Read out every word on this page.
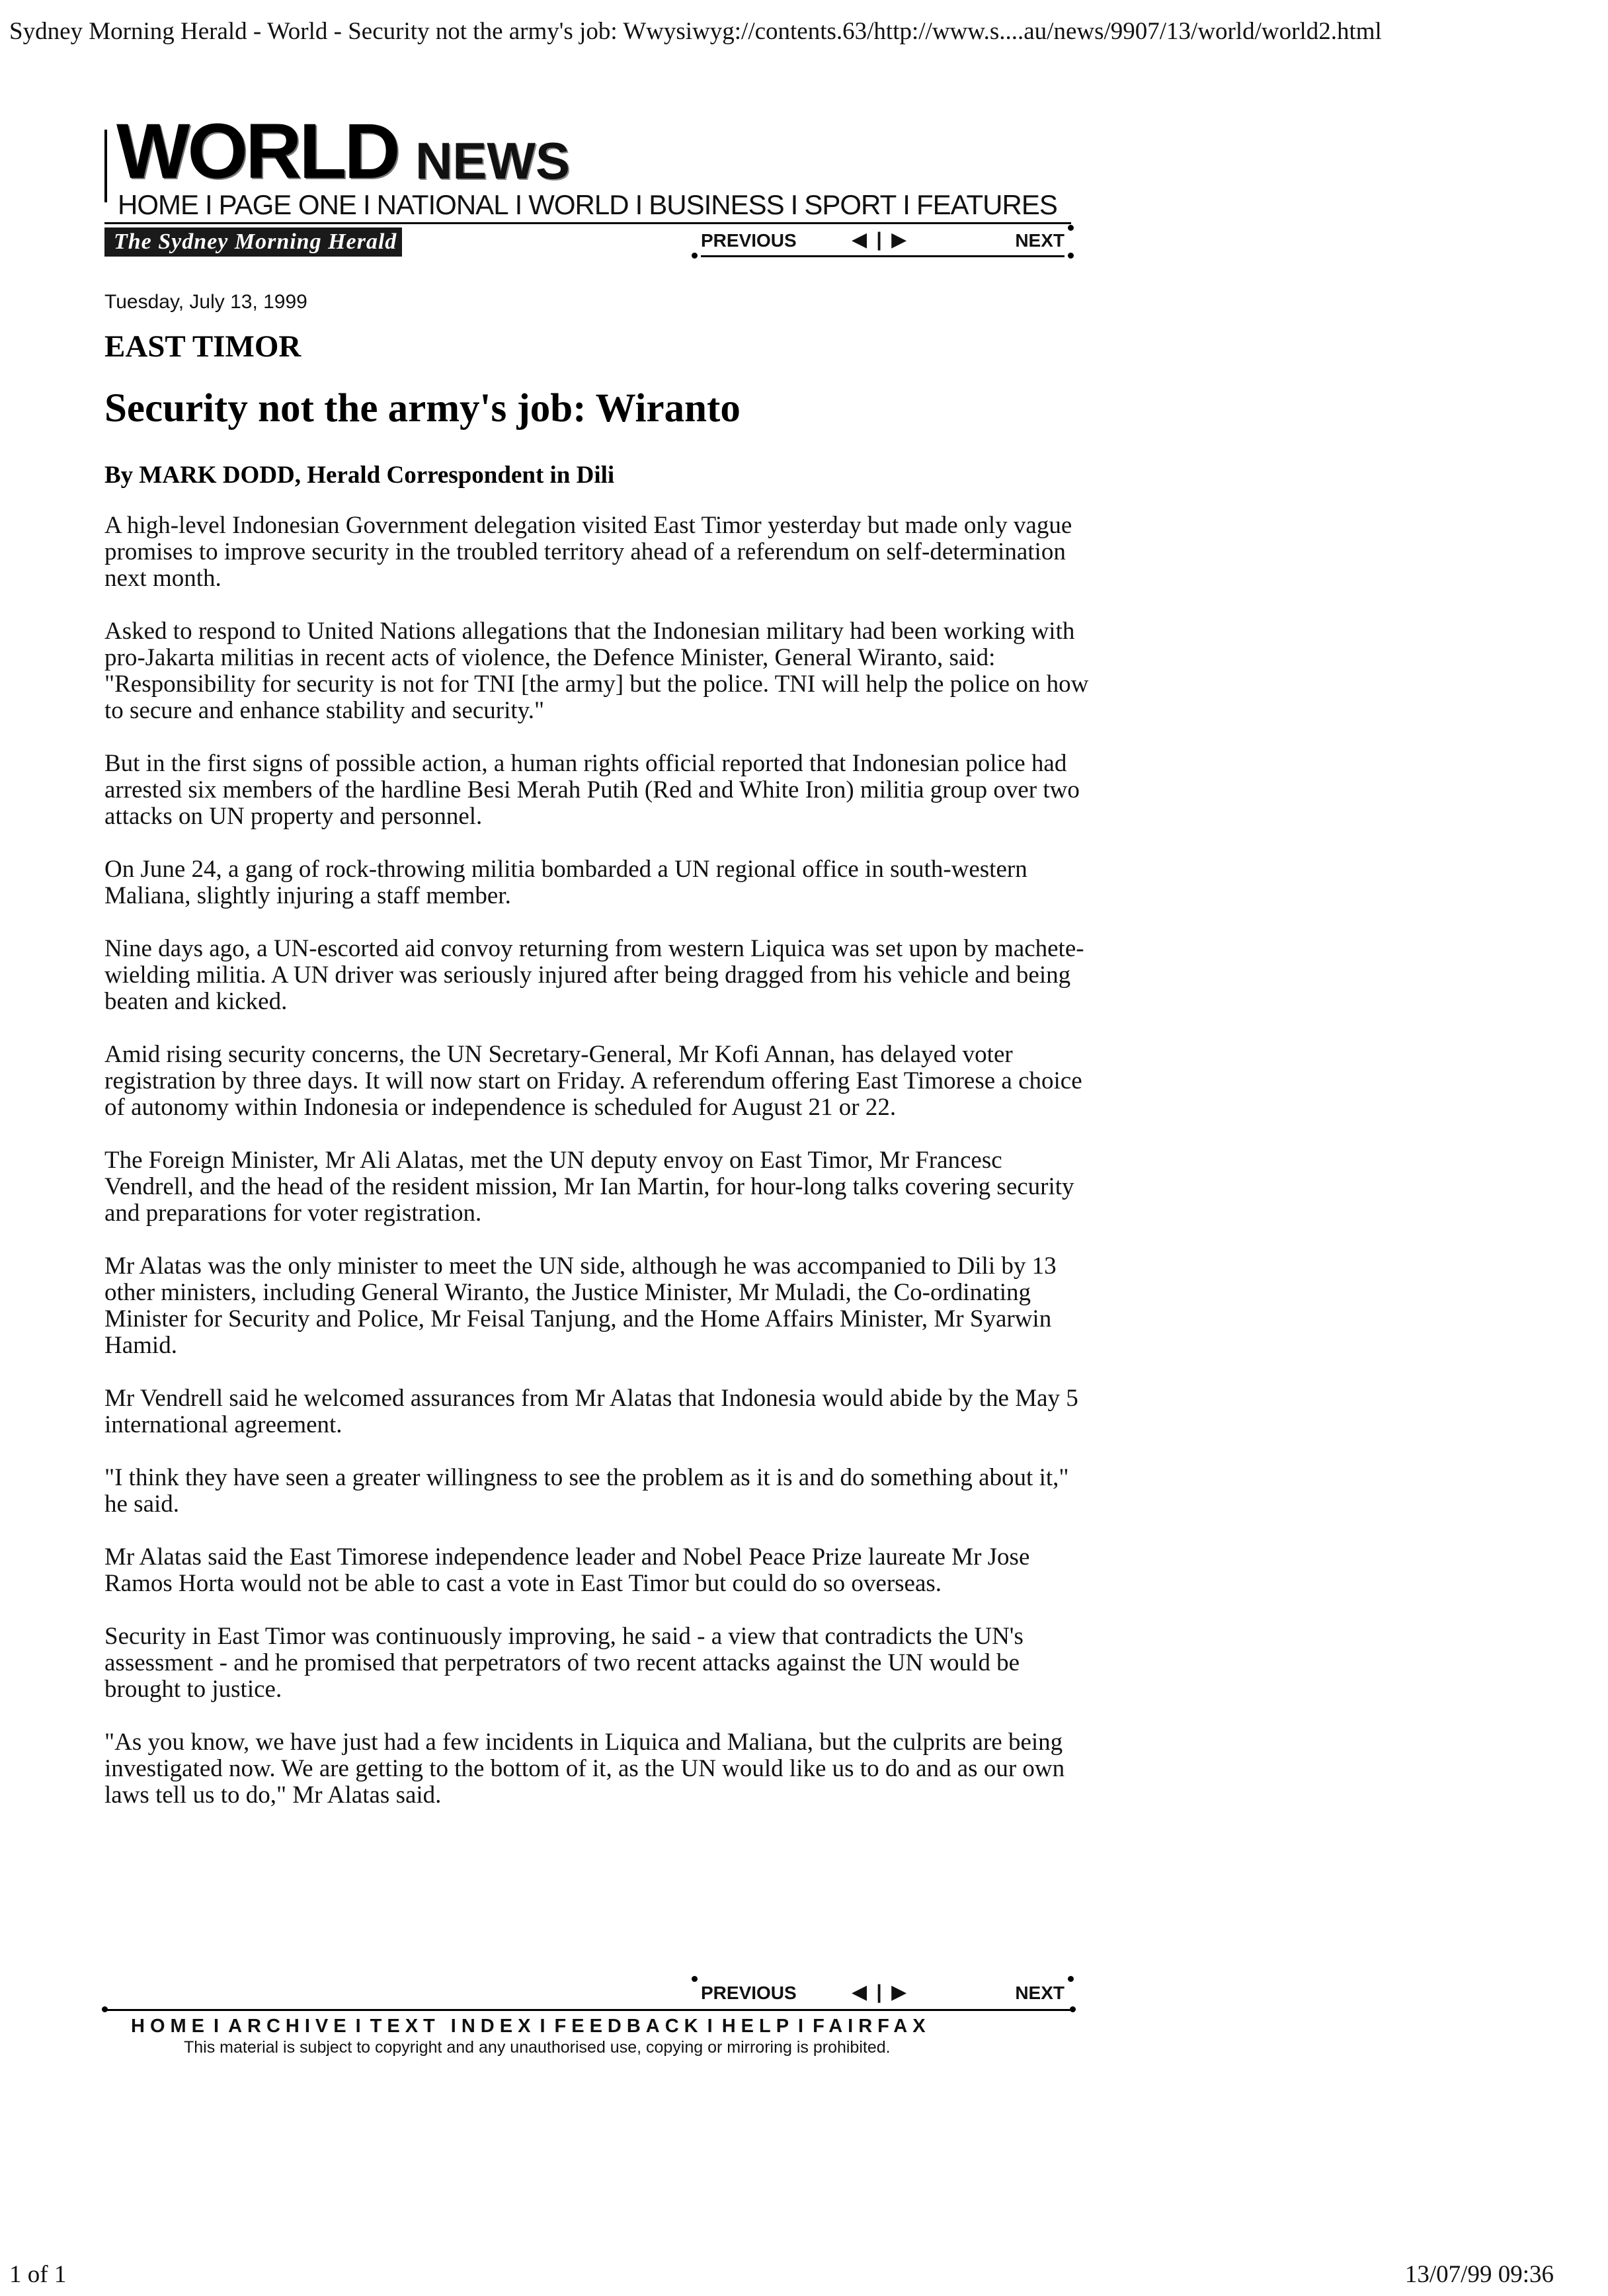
Sydney Morning Herald - World - Security not the army's job: Wwysiwyg://contents.63/http://www.s....au/news/9907/13/world/world2.html
WORLD NEWS
HOME I PAGE ONE I NATIONAL I WORLD I BUSINESS I SPORT I FEATURES
The Sydney Morning Herald	PREVIOUS	◀ | ▶	NEXT
Tuesday, July 13, 1999
EAST TIMOR
Security not the army's job: Wiranto
By MARK DODD, Herald Correspondent in Dili

A high-level Indonesian Government delegation visited East Timor yesterday but made only vague promises to improve security in the troubled territory ahead of a referendum on self-determination next month.

Asked to respond to United Nations allegations that the Indonesian military had been working with pro-Jakarta militias in recent acts of violence, the Defence Minister, General Wiranto, said: "Responsibility for security is not for TNI [the army] but the police. TNI will help the police on how to secure and enhance stability and security."

But in the first signs of possible action, a human rights official reported that Indonesian police had arrested six members of the hardline Besi Merah Putih (Red and White Iron) militia group over two attacks on UN property and personnel.

On June 24, a gang of rock-throwing militia bombarded a UN regional office in south-western Maliana, slightly injuring a staff member.

Nine days ago, a UN-escorted aid convoy returning from western Liquica was set upon by machete-wielding militia. A UN driver was seriously injured after being dragged from his vehicle and being beaten and kicked.

Amid rising security concerns, the UN Secretary-General, Mr Kofi Annan, has delayed voter registration by three days. It will now start on Friday. A referendum offering East Timorese a choice of autonomy within Indonesia or independence is scheduled for August 21 or 22.

The Foreign Minister, Mr Ali Alatas, met the UN deputy envoy on East Timor, Mr Francesc Vendrell, and the head of the resident mission, Mr Ian Martin, for hour-long talks covering security and preparations for voter registration.

Mr Alatas was the only minister to meet the UN side, although he was accompanied to Dili by 13 other ministers, including General Wiranto, the Justice Minister, Mr Muladi, the Co-ordinating Minister for Security and Police, Mr Feisal Tanjung, and the Home Affairs Minister, Mr Syarwin Hamid.

Mr Vendrell said he welcomed assurances from Mr Alatas that Indonesia would abide by the May 5 international agreement.

"I think they have seen a greater willingness to see the problem as it is and do something about it," he said.

Mr Alatas said the East Timorese independence leader and Nobel Peace Prize laureate Mr Jose Ramos Horta would not be able to cast a vote in East Timor but could do so overseas.

Security in East Timor was continuously improving, he said - a view that contradicts the UN's assessment - and he promised that perpetrators of two recent attacks against the UN would be brought to justice.

"As you know, we have just had a few incidents in Liquica and Maliana, but the culprits are being investigated now. We are getting to the bottom of it, as the UN would like us to do and as our own laws tell us to do," Mr Alatas said.

PREVIOUS	◀ | ▶	NEXT
HOME I ARCHIVE I TEXT INDEX I FEEDBACK I HELP I FAIRFAX
This material is subject to copyright and any unauthorised use, copying or mirroring is prohibited.
1 of 1	13/07/99 09:36
